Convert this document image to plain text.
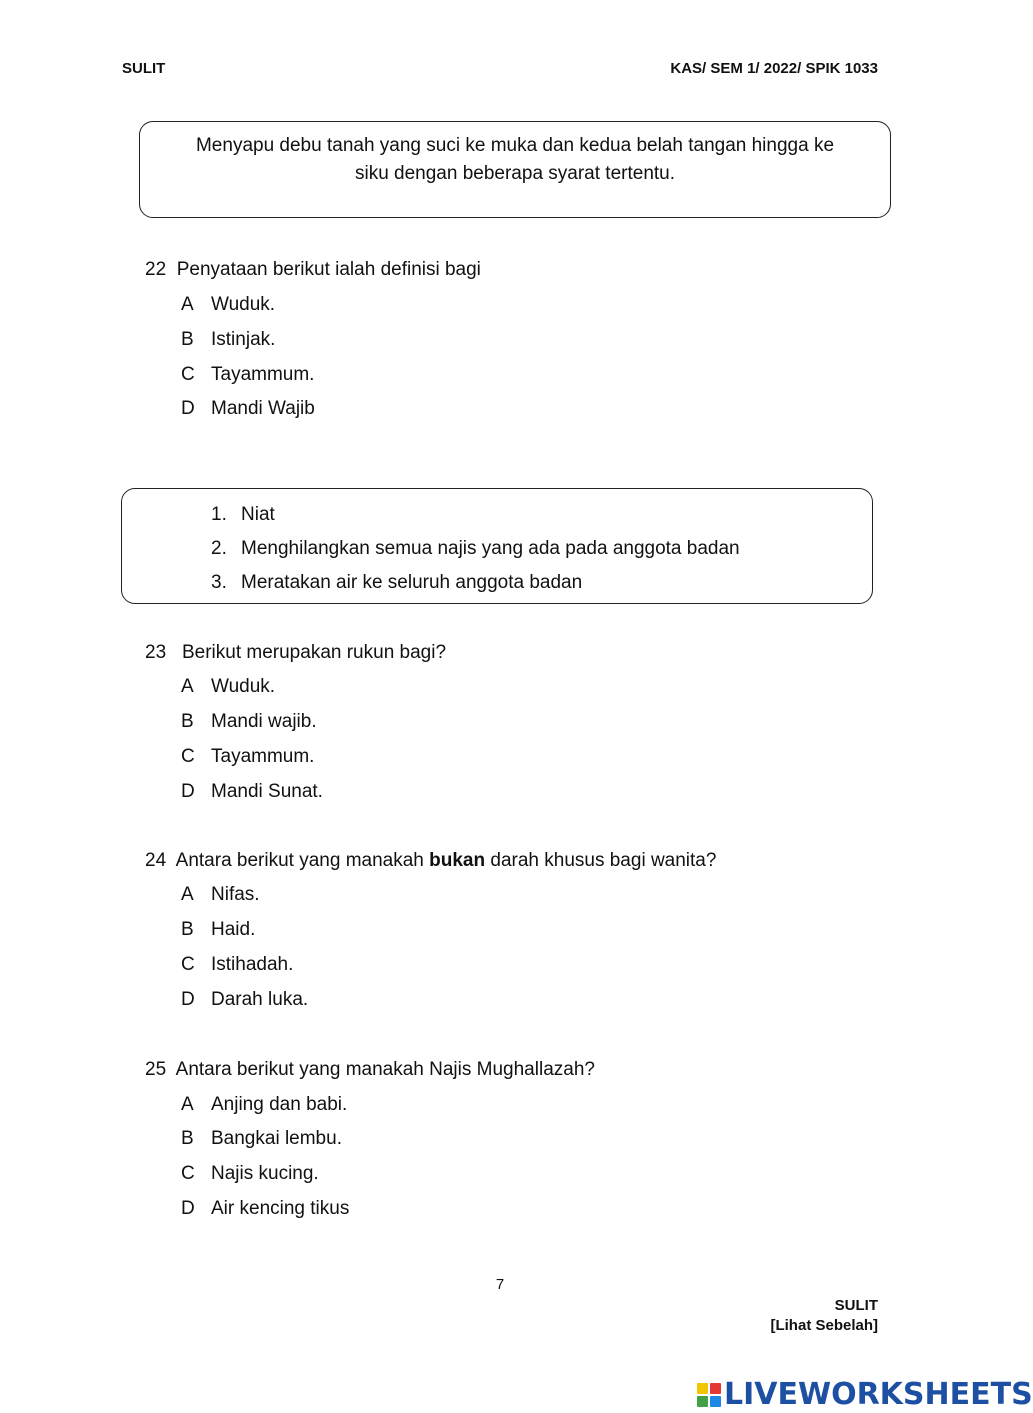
SULIT	KAS/ SEM 1/ 2022/ SPIK 1033
Menyapu debu tanah yang suci ke muka dan kedua belah tangan hingga ke
siku dengan beberapa syarat tertentu.
22 Penyataan berikut ialah definisi bagi
A Wuduk.
B Istinjak.
C Tayammum.
D Mandi Wajib
1. Niat
2. Menghilangkan semua najis yang ada pada anggota badan
3. Meratakan air ke seluruh anggota badan
23 Berikut merupakan rukun bagi?
A Wuduk.
B Mandi wajib.
C Tayammum.
D Mandi Sunat.
24 Antara berikut yang manakah bukan darah khusus bagi wanita?
A Nifas.
B Haid.
C Istihadah.
D Darah luka.
25 Antara berikut yang manakah Najis Mughallazah?
A Anjing dan babi.
B Bangkai lembu.
C Najis kucing.
D Air kencing tikus
7
SULIT
[Lihat Sebelah]
LIVEWORKSHEETS
